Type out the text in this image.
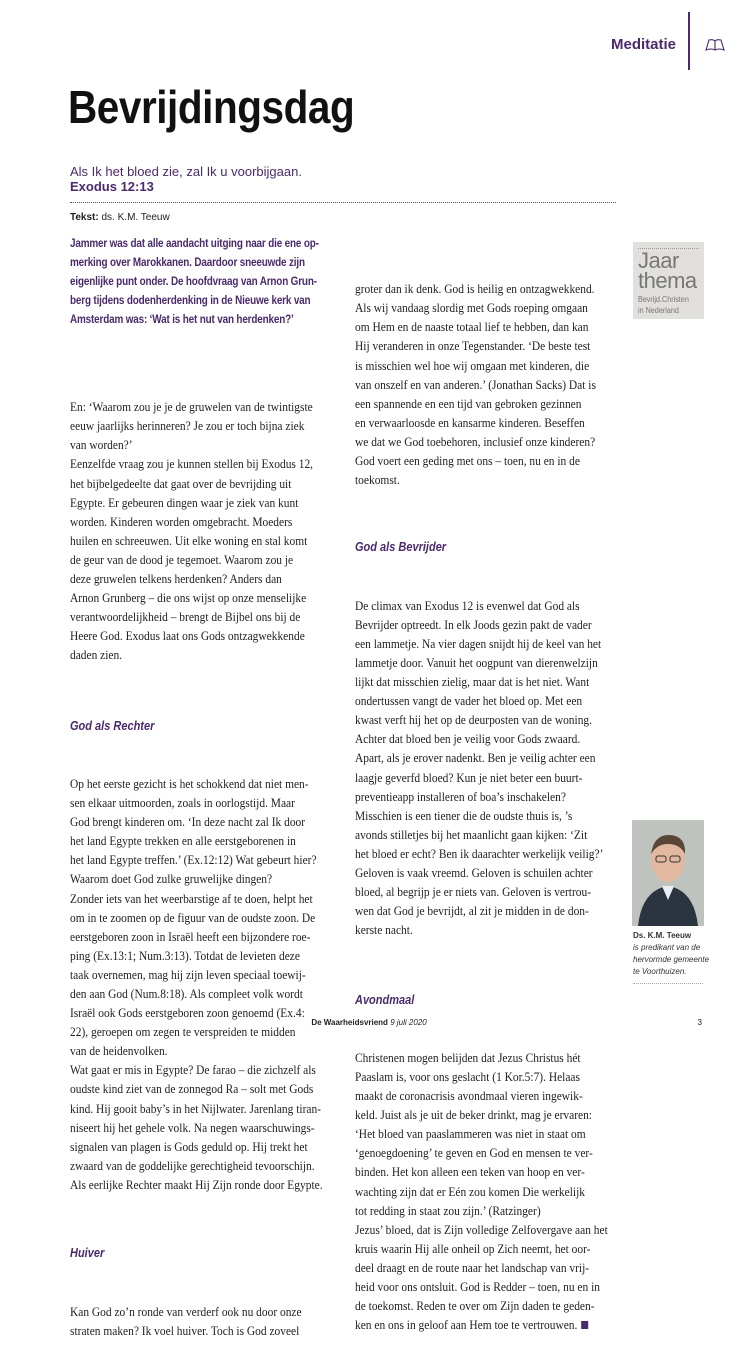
Meditatie
Bevrijdingsdag
Als Ik het bloed zie, zal Ik u voorbijgaan.
Exodus 12:13
Tekst: ds. K.M. Teeuw
Jammer was dat alle aandacht uitging naar die ene op-
merking over Marokkanen. Daardoor sneeuwde zijn
eigenlijke punt onder. De hoofdvraag van Arnon Grun-
berg tijdens dodenherdenking in de Nieuwe kerk van
Amsterdam was: ‘Wat is het nut van herdenken?’

En: ‘Waarom zou je je de gruwelen van de twintigste
eeuw jaarlijks herinneren? Je zou er toch bijna ziek
van worden?’
Eenzelfde vraag zou je kunnen stellen bij Exodus 12,
het bijbelgedeelte dat gaat over de bevrijding uit
Egypte. Er gebeuren dingen waar je ziek van kunt
worden. Kinderen worden omgebracht. Moeders
huilen en schreeuwen. Uit elke woning en stal komt
de geur van de dood je tegemoet. Waarom zou je
deze gruwelen telkens herdenken? Anders dan
Arnon Grunberg – die ons wijst op onze menselijke
verantwoordelijkheid – brengt de Bijbel ons bij de
Heere God. Exodus laat ons Gods ontzagwekkende
daden zien.

God als Rechter

Op het eerste gezicht is het schokkend dat niet men-
sen elkaar uitmoorden, zoals in oorlogstijd. Maar
God brengt kinderen om. ‘In deze nacht zal Ik door
het land Egypte trekken en alle eerstgeborenen in
het land Egypte treffen.’ (Ex.12:12) Wat gebeurt hier?
Waarom doet God zulke gruwelijke dingen?
Zonder iets van het weerbarstige af te doen, helpt het
om in te zoomen op de figuur van de oudste zoon. De
eerstgeboren zoon in Israël heeft een bijzondere roe-
ping (Ex.13:1; Num.3:13). Totdat de levieten deze
taak overnemen, mag hij zijn leven speciaal toewij-
den aan God (Num.8:18). Als compleet volk wordt
Israël ook Gods eerstgeboren zoon genoemd (Ex.4:
22), geroepen om zegen te verspreiden te midden
van de heidenvolken.
Wat gaat er mis in Egypte? De farao – die zichzelf als
oudste kind ziet van de zonnegod Ra – solt met Gods
kind. Hij gooit baby’s in het Nijlwater. Jarenlang tiran-
niseert hij het gehele volk. Na negen waarschuwings-
signalen van plagen is Gods geduld op. Hij trekt het
zwaard van de goddelijke gerechtigheid tevoorschijn.
Als eerlijke Rechter maakt Hij Zijn ronde door Egypte.

Huiver

Kan God zo’n ronde van verderf ook nu door onze
straten maken? Ik voel huiver. Toch is God zoveel

groter dan ik denk. God is heilig en ontzagwekkend.
Als wij vandaag slordig met Gods roeping omgaan
om Hem en de naaste totaal lief te hebben, dan kan
Hij veranderen in onze Tegenstander. ‘De beste test
is misschien wel hoe wij omgaan met kinderen, die
van onszelf en van anderen.’ (Jonathan Sacks) Dat is
een spannende en een tijd van gebroken gezinnen
en verwaarloosde en kansarme kinderen. Beseffen
we dat we God toebehoren, inclusief onze kinderen?
God voert een geding met ons – toen, nu en in de
toekomst.

God als Bevrijder

De climax van Exodus 12 is evenwel dat God als
Bevrijder optreedt. In elk Joods gezin pakt de vader
een lammetje. Na vier dagen snijdt hij de keel van het
lammetje door. Vanuit het oogpunt van dierenwelzijn
lijkt dat misschien zielig, maar dat is het niet. Want
ondertussen vangt de vader het bloed op. Met een
kwast verft hij het op de deurposten van de woning.
Achter dat bloed ben je veilig voor Gods zwaard.
Apart, als je erover nadenkt. Ben je veilig achter een
laagje geverfd bloed? Kun je niet beter een buurt-
preventieapp installeren of boa’s inschakelen?
Misschien is een tiener die de oudste thuis is, ’s
avonds stilletjes bij het maanlicht gaan kijken: ‘Zit
het bloed er echt? Ben ik daarachter werkelijk veilig?’
Geloven is vaak vreemd. Geloven is schuilen achter
bloed, al begrijp je er niets van. Geloven is vertrou-
wen dat God je bevrijdt, al zit je midden in de don-
kerste nacht.

Avondmaal

Christenen mogen belijden dat Jezus Christus hét
Paaslam is, voor ons geslacht (1 Kor.5:7). Helaas
maakt de coronacrisis avondmaal vieren ingewik-
keld. Juist als je uit de beker drinkt, mag je ervaren:
‘Het bloed van paaslammeren was niet in staat om
‘genoegdoening’ te geven en God en mensen te ver-
binden. Het kon alleen een teken van hoop en ver-
wachting zijn dat er Eén zou komen Die werkelijk
tot redding in staat zou zijn.’ (Ratzinger)
Jezus’ bloed, dat is Zijn volledige Zelfovergave aan het
kruis waarin Hij alle onheil op Zich neemt, het oor-
deel draagt en de route naar het landschap van vrij-
heid voor ons ontsluit. God is Redder – toen, nu en in
de toekomst. Reden te over om Zijn daden te geden-
ken en ons in geloof aan Hem toe te vertrouwen.

Jaar
thema
Bevrijd.Christen
in Nederland
Ds. K.M. Teeuw
is predikant van de
hervormde gemeente
te Voorthuizen.
De Waarheidsvriend 9 juli 2020	3
